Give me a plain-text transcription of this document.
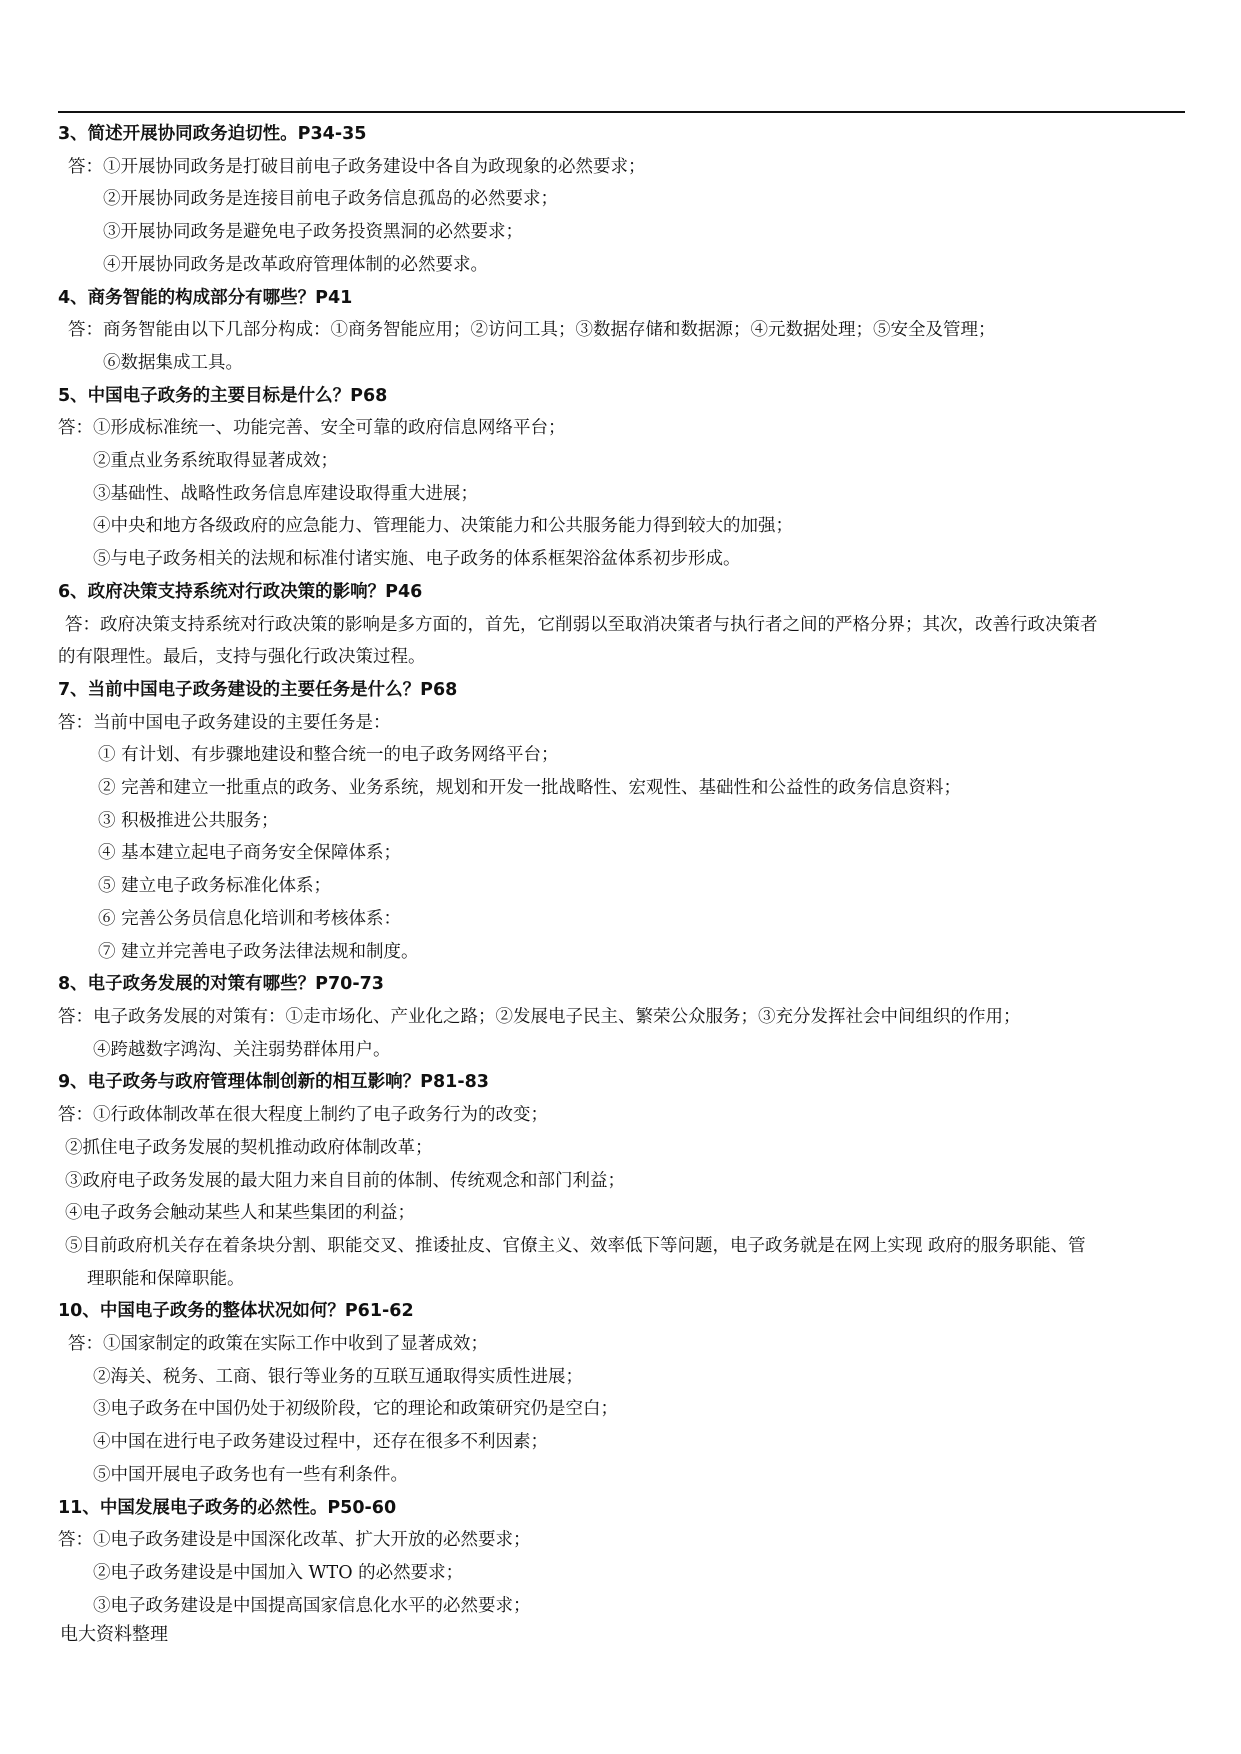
3、简述开展协同政务迫切性。P34-35
答：①开展协同政务是打破目前电子政务建设中各自为政现象的必然要求；
②开展协同政务是连接目前电子政务信息孤岛的必然要求；
③开展协同政务是避免电子政务投资黑洞的必然要求；
④开展协同政务是改革政府管理体制的必然要求。
4、商务智能的构成部分有哪些？P41
答：商务智能由以下几部分构成：①商务智能应用；②访问工具；③数据存储和数据源；④元数据处理；⑤安全及管理；
⑥数据集成工具。
5、中国电子政务的主要目标是什么？P68
答：①形成标准统一、功能完善、安全可靠的政府信息网络平台；
②重点业务系统取得显著成效；
③基础性、战略性政务信息库建设取得重大进展；
④中央和地方各级政府的应急能力、管理能力、决策能力和公共服务能力得到较大的加强；
⑤与电子政务相关的法规和标准付诸实施、电子政务的体系框架浴盆体系初步形成。
6、政府决策支持系统对行政决策的影响？P46
答：政府决策支持系统对行政决策的影响是多方面的，首先，它削弱以至取消决策者与执行者之间的严格分界；其次，改善行政决策者
的有限理性。最后，支持与强化行政决策过程。
7、当前中国电子政务建设的主要任务是什么？P68
答：当前中国电子政务建设的主要任务是：
① 有计划、有步骤地建设和整合统一的电子政务网络平台；
② 完善和建立一批重点的政务、业务系统，规划和开发一批战略性、宏观性、基础性和公益性的政务信息资料；
③ 积极推进公共服务；
④ 基本建立起电子商务安全保障体系；
⑤ 建立电子政务标准化体系；
⑥ 完善公务员信息化培训和考核体系：
⑦ 建立并完善电子政务法律法规和制度。
8、电子政务发展的对策有哪些？P70-73
答：电子政务发展的对策有：①走市场化、产业化之路；②发展电子民主、繁荣公众服务；③充分发挥社会中间组织的作用；
④跨越数字鸿沟、关注弱势群体用户。
9、电子政务与政府管理体制创新的相互影响？P81-83
答：①行政体制改革在很大程度上制约了电子政务行为的改变；
②抓住电子政务发展的契机推动政府体制改革；
③政府电子政务发展的最大阻力来自目前的体制、传统观念和部门利益；
④电子政务会触动某些人和某些集团的利益；
⑤目前政府机关存在着条块分割、职能交叉、推诿扯皮、官僚主义、效率低下等问题，电子政务就是在网上实现 政府的服务职能、管
理职能和保障职能。
10、中国电子政务的整体状况如何？P61-62
答：①国家制定的政策在实际工作中收到了显著成效；
②海关、税务、工商、银行等业务的互联互通取得实质性进展；
③电子政务在中国仍处于初级阶段，它的理论和政策研究仍是空白；
④中国在进行电子政务建设过程中，还存在很多不利因素；
⑤中国开展电子政务也有一些有利条件。
11、中国发展电子政务的必然性。P50-60
答：①电子政务建设是中国深化改革、扩大开放的必然要求；
②电子政务建设是中国加入 WTO 的必然要求；
③电子政务建设是中国提高国家信息化水平的必然要求；
电大资料整理
